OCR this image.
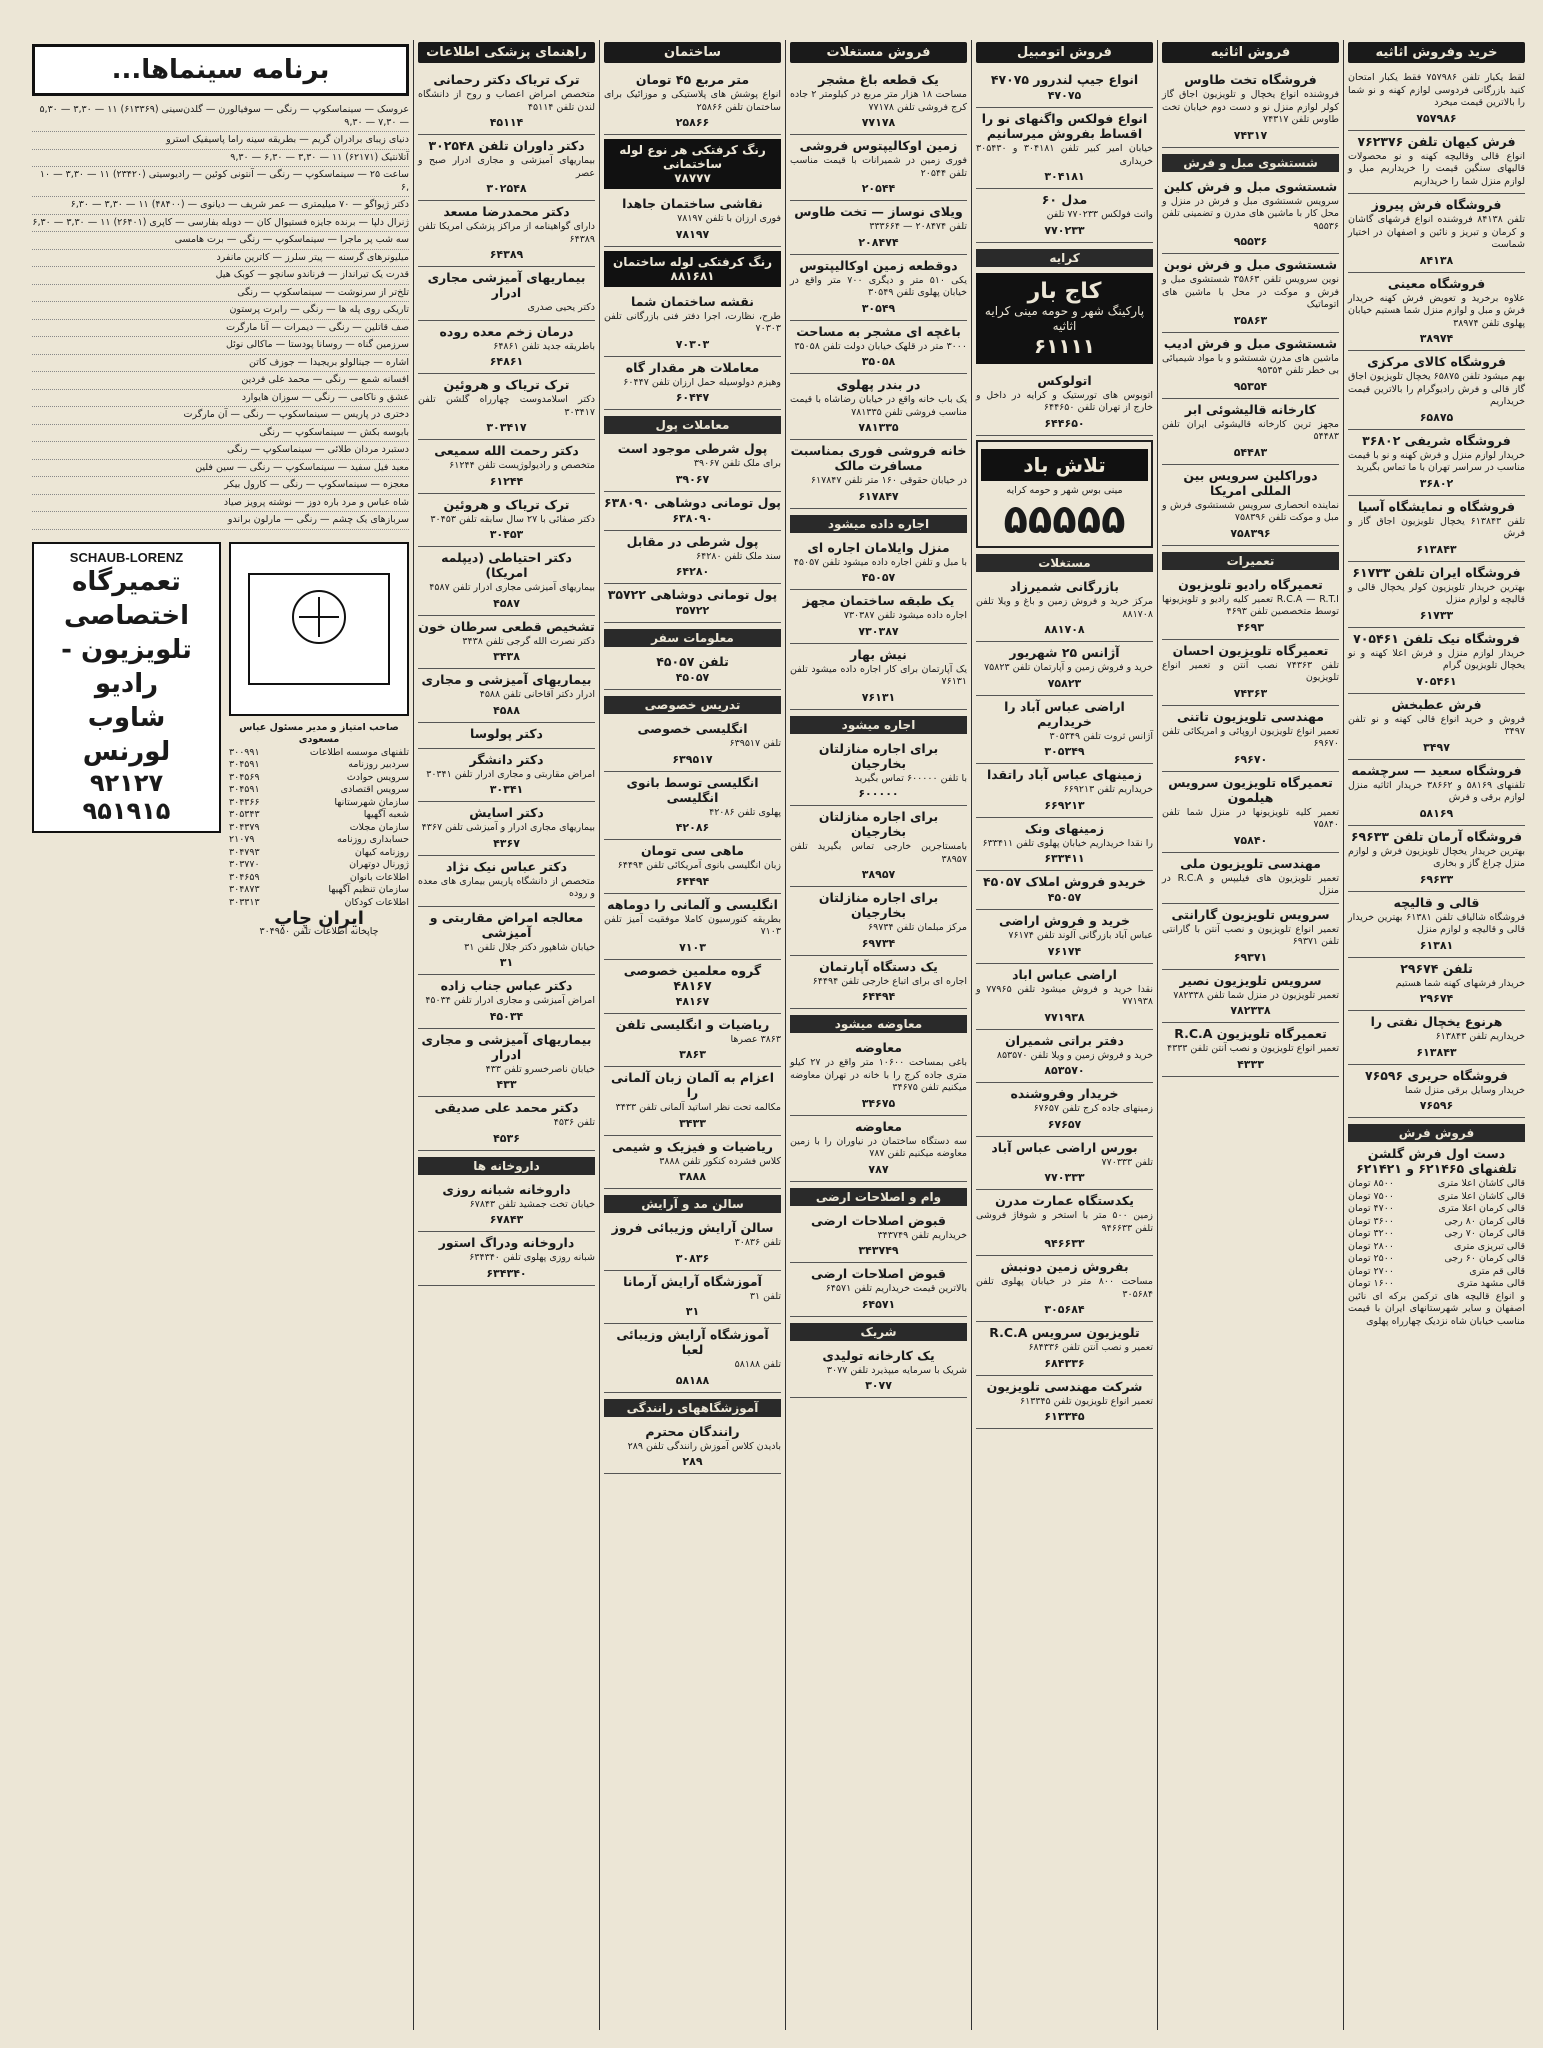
خرید وفروش اثاثیه
لقط یکبار تلفن ۷۵۷۹۸۶ فقط یکبار امتحان کنید بازرگانی فردوسی لوازم کهنه و نو شما را بالاترین قیمت میخرد
۷۵۷۹۸۶
فرش کیهان تلفن ۷۶۲۳۷۶
انواع قالی وقالیچه کهنه و نو محصولات قالیهای سنگین قیمت را خریداریم مبل و لوازم منزل شما را خریداریم
فروشگاه فرش پیروز
تلفن ۸۴۱۳۸ فروشنده انواع فرشهای گاشان و کرمان و تبریز و نائین و اصفهان در اختیار شماست
۸۴۱۳۸
فروشگاه معینی
علاوه برخرید و تعویض فرش کهنه خریدار فرش و مبل و لوازم منزل شما هستیم خیابان پهلوی تلفن ۳۸۹۷۴
۳۸۹۷۴
فروشگاه کالای مرکزی
بهم میشود تلفن ۶۵۸۷۵ یخچال تلویزیون اجاق گاز قالی و فرش رادیوگرام را بالاترین قیمت خریداریم
۶۵۸۷۵
فروشگاه شریفی ۳۶۸۰۲
خریدار لوازم منزل و فرش کهنه و نو با قیمت مناسب در سراسر تهران با ما تماس بگیرید
۳۶۸۰۲
فروشگاه و نمایشگاه آسیا
تلفن ۶۱۳۸۴۳ یخچال تلویزیون اجاق گاز و فرش
۶۱۳۸۴۳
فروشگاه ایران تلفن ۶۱۷۳۳
بهترین خریدار تلویزیون کولر یخچال قالی و قالیچه و لوازم منزل
۶۱۷۳۳
فروشگاه نیک تلفن ۷۰۵۴۶۱
خریدار لوازم منزل و فرش اعلا کهنه و نو یخچال تلویزیون گرام
۷۰۵۴۶۱
فرش عطبخش
فروش و خرید انواع قالی کهنه و نو تلفن ۳۴۹۷
۳۴۹۷
فروشگاه سعید — سرچشمه
تلفنهای ۵۸۱۶۹ و ۳۸۶۶۲ خریدار اثاثیه منزل لوازم برقی و فرش
۵۸۱۶۹
فروشگاه آرمان تلفن ۶۹۶۳۳
بهترین خریدار یخچال تلویزیون فرش و لوازم منزل چراغ گاز و بخاری
۶۹۶۳۳
قالی و قالیچه
فروشگاه شالیاف تلفن ۶۱۳۸۱ بهترین خریدار قالی و قالیچه و لوازم منزل
۶۱۳۸۱
تلفن ۲۹۶۷۴
خریدار فرشهای کهنه شما هستیم
۲۹۶۷۴
هرنوع یخچال نفتی را
خریداریم تلفن ۶۱۳۸۴۳
۶۱۳۸۴۳
فروشگاه حریری ۷۶۵۹۶
خریدار وسایل برقی منزل شما
۷۶۵۹۶
فروش فرش
دست اول فرش گلشن تلفنهای ۶۲۱۴۶۵ و ۶۲۱۴۲۱
قالی کاشان اعلا متری
۸۵۰۰ تومان
قالی کاشان اعلا متری
۷۵۰۰ تومان
قالی کرمان اعلا متری
۴۷۰۰ تومان
قالی کرمان ۸۰ رجی
۳۶۰۰ تومان
قالی کرمان ۷۰ رجی
۳۲۰۰ تومان
قالی تبریزی متری
۲۸۰۰ تومان
قالی کرمان ۶۰ رجی
۲۵۰۰ تومان
قالی قم متری
۲۷۰۰ تومان
قالی مشهد متری
۱۶۰۰ تومان
و انواع قالیچه های ترکمن برکه ای نائین اصفهان و سایر شهرستانهای ایران با قیمت مناسب خیابان شاه نزدیک چهارراه پهلوی
فروش اثاثیه
فروشگاه تخت طاوس
فروشنده انواع یخچال و تلویزیون اجاق گاز کولر لوازم منزل نو و دست دوم خیابان تخت طاوس تلفن ۷۴۳۱۷
۷۴۳۱۷
شستشوی مبل و فرش
شستشوی مبل و فرش کلین
سرویس شستشوی مبل و فرش در منزل و محل کار با ماشین های مدرن و تضمینی تلفن ۹۵۵۳۶
۹۵۵۳۶
شستشوی مبل و فرش نوبن
نوین سرویس تلفن ۳۵۸۶۳ شستشوی مبل و فرش و موکت در محل با ماشین های اتوماتیک
۳۵۸۶۳
شستشوی مبل و فرش ادیب
ماشین های مدرن شستشو و با مواد شیمیائی بی خطر تلفن ۹۵۳۵۴
۹۵۳۵۴
کارخانه قالیشوئی ابر
مجهز ترین کارخانه قالیشوئی ایران تلفن ۵۴۴۸۳
۵۴۴۸۳
دوراکلین سرویس بین المللی امریکا
نماینده انحصاری سرویس شستشوی فرش و مبل و موکت تلفن ۷۵۸۳۹۶
۷۵۸۳۹۶
تعمیرات
تعمیرگاه رادیو تلویزیون
R.C.A — R.T.I تعمیر کلیه رادیو و تلویزیونها توسط متخصصین تلفن ۴۶۹۳
۴۶۹۳
تعمیرگاه تلویزیون احسان
تلفن ۷۴۳۶۳ نصب آنتن و تعمیر انواع تلویزیون
۷۴۳۶۳
مهندسی تلویزیون تاتنی
تعمیر انواع تلویزیون اروپائی و امریکائی تلفن ۶۹۶۷۰
۶۹۶۷۰
تعمیرگاه تلویزیون سرویس هیلمون
تعمیر کلیه تلویزیونها در منزل شما تلفن ۷۵۸۴۰
۷۵۸۴۰
مهندسی تلویزیون ملی
تعمیر تلویزیون های فیلیپس و R.C.A در منزل
سرویس تلویزیون گارانتی
تعمیر انواع تلویزیون و نصب آنتن با گارانتی تلفن ۶۹۳۷۱
۶۹۳۷۱
سرویس تلویزیون نصیر
تعمیر تلویزیون در منزل شما تلفن ۷۸۲۳۳۸
۷۸۲۳۳۸
تعمیرگاه تلویزیون R.C.A
تعمیر انواع تلویزیون و نصب آنتن تلفن ۴۳۳۳
۴۳۳۳
فروش اتومبیل
انواع جیپ لندرور ۴۷۰۷۵
۴۷۰۷۵
انواع فولکس واگنهای نو را اقساط بفروش میرسانیم
خیابان امیر کبیر تلفن ۳۰۴۱۸۱ و ۳۰۵۴۳۰ خریداری
۳۰۴۱۸۱
مدل ۶۰
وانت فولکس ۷۷۰۲۳۳ تلفن
۷۷۰۲۳۳
کرایه
کاج بار
پارکینگ شهر و حومه مینی کرایه اثاثیه
۶۱۱۱۱
اتولوکس
اتوبوس های تورستیک و کرایه در داخل و خارج از تهران تلفن ۶۴۴۶۵۰
۶۴۴۶۵۰
تلاش باد
مینی بوس شهر و حومه کرایه
۵۵۵۵۵
مستغلات
بازرگانی شمیرزاد
مرکز خرید و فروش زمین و باغ و ویلا تلفن ۸۸۱۷۰۸
۸۸۱۷۰۸
آژانس ۲۵ شهریور
خرید و فروش زمین و آپارتمان تلفن ۷۵۸۲۳
۷۵۸۲۳
اراضی عباس آباد را خریداریم
آژانس ثروت تلفن ۳۰۵۳۴۹
۳۰۵۳۴۹
زمینهای عباس آباد راتقدا
خریداریم تلفن ۶۶۹۲۱۳
۶۶۹۲۱۳
زمینهای ونک
را نقدا خریداریم خیابان پهلوی تلفن ۶۳۳۴۱۱
۶۳۳۴۱۱
خریدو فروش املاک ۴۵۰۵۷
۴۵۰۵۷
خرید و فروش اراضی
عباس آباد بازرگانی آلوند تلفن ۷۶۱۷۴
۷۶۱۷۴
اراضی عباس اباد
نقدا خرید و فروش میشود تلفن ۷۷۹۶۵ و ۷۷۱۹۳۸
۷۷۱۹۳۸
دفتر براتی شمیران
خرید و فروش زمین و ویلا تلفن ۸۵۳۵۷۰
۸۵۳۵۷۰
خریدار وفروشنده
زمینهای جاده کرج تلفن ۶۷۶۵۷
۶۷۶۵۷
بورس اراضی عباس آباد
تلفن ۷۷۰۳۳۳
۷۷۰۳۳۳
یکدستگاه عمارت مدرن
زمین ۵۰۰ متر با استخر و شوفاژ فروشی تلفن ۹۴۶۶۳۳
۹۴۶۶۳۳
بفروش زمین دونبش
مساحت ۸۰۰ متر در خیابان پهلوی تلفن ۳۰۵۶۸۴
۳۰۵۶۸۴
تلویزیون سرویس R.C.A
تعمیر و نصب آنتن تلفن ۶۸۴۳۳۶
۶۸۴۳۳۶
شرکت مهندسی تلویزیون
تعمیر انواع تلویزیون تلفن ۶۱۳۳۴۵
۶۱۳۳۴۵
فروش مستغلات
یک قطعه باغ مشجر
مساحت ۱۸ هزار متر مربع در کیلومتر ۲ جاده کرج فروشی تلفن ۷۷۱۷۸
۷۷۱۷۸
زمین اوکالیپتوس فروشی
فوری زمین در شمیرانات با قیمت مناسب تلفن ۲۰۵۴۴
۲۰۵۴۴
ویلای نوساز — تخت طاوس
تلفن ۲۰۸۴۷۴ — ۳۳۳۶۶۴
۲۰۸۴۷۴
دوقطعه زمین اوکالیپتوس
یکی ۵۱۰ متر و دیگری ۷۰۰ متر واقع در خیابان پهلوی تلفن ۳۰۵۴۹
۳۰۵۴۹
باغچه ای مشجر به مساحت
۳۰۰۰ متر در قلهک خیابان دولت تلفن ۳۵۰۵۸
۳۵۰۵۸
در بندر پهلوی
یک باب خانه واقع در خیابان رضاشاه با قیمت مناسب فروشی تلفن ۷۸۱۳۳۵
۷۸۱۳۳۵
خانه فروشی فوری بمناسبت مسافرت مالک
در خیابان حقوقی ۱۶۰ متر تلفن ۶۱۷۸۴۷
۶۱۷۸۴۷
اجاره داده میشود
منزل وایلامان اجاره ای
با مبل و تلفن اجاره داده میشود تلفن ۴۵۰۵۷
۴۵۰۵۷
یک طبقه ساختمان مجهز
اجاره داده میشود تلفن ۷۳۰۳۸۷
۷۳۰۳۸۷
نیش بهار
یک آپارتمان برای کار اجاره داده میشود تلفن ۷۶۱۳۱
۷۶۱۳۱
اجاره میشود
برای اجاره منازلتان بخارجیان
با تلفن ۶۰۰۰۰۰ تماس بگیرید
۶۰۰۰۰۰
برای اجاره منازلتان بخارجیان
بامستاجرین خارجی تماس بگیرید تلفن ۳۸۹۵۷
۳۸۹۵۷
برای اجاره منازلتان بخارجیان
مرکز مبلمان تلفن ۶۹۷۳۴
۶۹۷۳۴
یک دستگاه آپارتمان
اجاره ای برای اتباع خارجی تلفن ۶۴۴۹۴
۶۴۴۹۴
معاوضه میشود
معاوضه
باغی بمساحت ۱۰۶۰۰ متر واقع در ۲۷ کیلو متری جاده کرج را با خانه در تهران معاوضه میکنیم تلفن ۳۴۶۷۵
۳۴۶۷۵
معاوضه
سه دستگاه ساختمان در نیاوران را با زمین معاوضه میکنیم تلفن ۷۸۷
۷۸۷
وام و اصلاحات ارضی
قبوض اصلاحات ارضی
خریداریم تلفن ۳۴۳۷۴۹
۳۴۳۷۴۹
قبوض اصلاحات ارضی
بالاترین قیمت خریداریم تلفن ۶۴۵۷۱
۶۴۵۷۱
شریک
یک کارخانه تولیدی
شریک با سرمایه میپذیرد تلفن ۳۰۷۷
۳۰۷۷
ساختمان
متر مربع ۴۵ تومان
انواع پوشش های پلاستیکی و موزائیک برای ساختمان تلفن ۲۵۸۶۶
۲۵۸۶۶
رنگ کرفتکی هر نوع لوله ساختمانی
۷۸۷۷۷
نقاشی ساختمان جاهدا
فوری ارزان با تلفن ۷۸۱۹۷
۷۸۱۹۷
رنگ کرفتکی لوله ساختمان
۸۸۱۶۸۱
نقشه ساختمان شما
طرح، نظارت، اجرا دفتر فنی بازرگانی تلفن ۷۰۳۰۳
۷۰۳۰۳
معاملات هر مقدار گاه
وهیزم دولوسیله حمل ارزان تلفن ۶۰۴۴۷
۶۰۴۴۷
معاملات پول
پول شرطی موجود است
برای ملک تلفن ۳۹۰۶۷
۳۹۰۶۷
پول تومانی دوشاهی ۶۳۸۰۹۰
۶۳۸۰۹۰
پول شرطی در مقابل
سند ملک تلفن ۶۴۲۸۰
۶۴۲۸۰
پول تومانی دوشاهی ۳۵۷۲۲
۳۵۷۲۲
معلومات سفر
تلفن ۴۵۰۵۷
۴۵۰۵۷
تدریس خصوصی
انگلیسی خصوصی
تلفن ۶۳۹۵۱۷
۶۳۹۵۱۷
انگلیسی توسط بانوی انگلیسی
پهلوی تلفن ۴۲۰۸۶
۴۲۰۸۶
ماهی سی تومان
زبان انگلیسی بانوی آمریکائی تلفن ۶۴۴۹۴
۶۴۴۹۴
انگلیسی و آلمانی را دوماهه
بطریقه کنورسیون کاملا موفقیت آمیز تلفن ۷۱۰۳
۷۱۰۳
گروه معلمین خصوصی ۴۸۱۶۷
۴۸۱۶۷
ریاضیات و انگلیسی تلفن
۳۸۶۳ عصرها
۳۸۶۳
اعزام به آلمان زبان آلمانی را
مکالمه تحت نظر اساتید آلمانی تلفن ۳۴۳۳
۳۴۳۳
ریاضیات و فیزیک و شیمی
کلاس فشرده کنکور تلفن ۳۸۸۸
۳۸۸۸
سالن مد و آرایش
سالن آرایش وزیبائی فروز
تلفن ۳۰۸۳۶
۳۰۸۳۶
آموزشگاه آرایش آرمانا
تلفن ۳۱
۳۱
آموزشگاه آرایش وزیبائی لعبا
تلفن ۵۸۱۸۸
۵۸۱۸۸
آموزشگاههای رانندگی
رانندگان محترم
بادیدن کلاس آموزش رانندگی تلفن ۲۸۹
۲۸۹
راهنمای پزشکی اطلاعات
ترک تریاک دکتر رحمانی
متخصص امراض اعصاب و روح از دانشگاه لندن تلفن ۴۵۱۱۴
۴۵۱۱۴
دکتر داوران تلفن ۳۰۲۵۴۸
بیماریهای آمیزشی و مجاری ادرار صبح و عصر
۳۰۲۵۴۸
دکتر محمدرضا مسعد
دارای گواهینامه از مراکز پزشکی امریکا تلفن ۶۴۳۸۹
۶۴۳۸۹
بیماریهای آمیزشی مجاری ادرار
دکتر یحیی صدری
درمان زخم معده روده
باطریقه جدید تلفن ۶۴۸۶۱
۶۴۸۶۱
ترک تریاک و هروئین
دکتر اسلامدوست چهارراه گلشن تلفن ۳۰۳۴۱۷
۳۰۳۴۱۷
دکتر رحمت الله سمیعی
متخصص و رادیولوژیست تلفن ۶۱۲۴۴
۶۱۲۴۴
ترک تریاک و هروئین
دکتر صفائی با ۲۷ سال سابقه تلفن ۳۰۴۵۳
۳۰۴۵۳
دکتر احتیاطی (دیپلمه امریکا)
بیماریهای آمیزشی مجاری ادرار تلفن ۴۵۸۷
۴۵۸۷
تشخیص قطعی سرطان خون
دکتر نصرت الله گرجی تلفن ۳۴۳۸
۳۴۳۸
بیماریهای آمیزشی و مجاری
ادرار دکتر آقاخانی تلفن ۴۵۸۸
۴۵۸۸
دکتر پولوسا
دکتر دانشگر
امراض مقاربتی و مجاری ادرار تلفن ۳۰۳۴۱
۳۰۳۴۱
دکتر اسایش
بیماریهای مجاری ادرار و آمیزشی تلفن ۴۳۶۷
۴۳۶۷
دکتر عباس نیک نژاد
متخصص از دانشگاه پاریس بیماری های معده و روده
معالجه امراض مقاربتی و آمیزشی
خیابان شاهپور دکتر جلال تلفن ۳۱
۳۱
دکتر عباس جناب زاده
امراض آمیزشی و مجاری ادرار تلفن ۴۵۰۳۴
۴۵۰۳۴
بیماریهای آمیزشی و مجاری ادرار
خیابان ناصرخسرو تلفن ۴۳۳
۴۳۳
دکتر محمد علی صدیقی
تلفن ۴۵۳۶
۴۵۳۶
داروخانه ها
داروخانه شبانه روزی
خیابان تخت جمشید تلفن ۶۷۸۴۳
۶۷۸۴۳
داروخانه ودراگ استور
شبانه روزی پهلوی تلفن ۶۳۴۳۴۰
۶۳۴۳۴۰
برنامه سینماها...
عروسک — سینماسکوپ — رنگی — سوفیالورن — گلدن‌سینی (۶۱۳۳۶۹) ۱۱ — ۳۰‚۳ — ۳۰‚۵ — ۳۰‚۷ — ۳۰‚۹
دنیای زیبای برادران گریم — بطریقه سینه راما پاسیفیک استرو
آتلانتیک (۶۲۱۷۱) ۱۱ — ۳۰‚۳ — ۳۰‚۶ — ۳۰‚۹
ساعت ۲۵ — سینماسکوپ — رنگی — آنتونی کوئین — رادیوسیتی (۲۳۴۲۰) ۱۱ — ۳۰‚۳ — ۱۰ ‚۶
دکتر ژیواگو — ۷۰ میلیمتری — عمر شریف — دیانوی — (۴۸۴۰۰) ۱۱ — ۳۰‚۳ — ۳۰‚۶
ژنرال دلپا — برنده جایزه فستیوال کان — دوبله بفارسی — کاپری (۲۶۴۰۱) ۱۱ — ۳۰‚۳ — ۳۰‚۶
سه شب پر ماجرا — سینماسکوپ — رنگی — برت هامسی
میلیونرهای گرسنه — پیتر سلرز — کاترین مانفرد
قدرت یک تیرانداز — فرناندو سانچو — کوبک هیل
تلخ‌تر از سرنوشت — سینماسکوپ — رنگی
تاریکی روی پله ها — رنگی — رابرت پرستون
صف قاتلین — رنگی — دیمرات — آنا مارگرت
سرزمین گناه — روسانا پودستا — ماکالی نوئل
اشاره — جینالولو بریجیدا — جوزف کاتن
افسانه شمع — رنگی — محمد علی فردین
عشق و ناکامی — رنگی — سوزان هایوارد
دختری در پاریس — سینماسکوپ — رنگی — آن مارگرت
بابوسه بکش — سینماسکوپ — رنگی
دستبرد مردان طلائی — سینماسکوپ — رنگی
معبد فیل سفید — سینماسکوپ — رنگی — سین فلین
معجزه — سینماسکوپ — رنگی — کارول بیکر
شاه عباس و مرد باره دوز — نوشته پرویز صیاد
سربازهای یک چشم — رنگی — مارلون براندو
صاحب امتیاز و مدیر مسئول عباس مسعودی
تلفنهای موسسه اطلاعات
۳۰۰۹۹۱
سردبیر روزنامه
۳۰۴۵۹۱
سرویس حوادث
۳۰۴۵۶۹
سرویس اقتصادی
۳۰۴۵۹۱
سازمان شهرستانها
۳۰۴۳۶۶
شعبه آگهیها
۳۰۵۳۴۳
سازمان مجلات
۳۰۴۳۷۹
حسابداری روزنامه
۲۱۰۷۹
روزنامه کیهان
۳۰۴۷۹۳
ژورنال دوتهران
۳۰۳۷۷۰
اطلاعات بانوان
۳۰۴۶۵۹
سازمان تنظیم آگهیها
۳۰۴۸۷۳
اطلاعات کودکان
۳۰۳۳۱۳
ایران چاپ
چاپخانه اطلاعات تلفن ۳۰۴۹۵۰
SCHAUB-LORENZ
تعمیرگاه اختصاصی
تلویزیون - رادیو
شاوب لورنس
۹۲۱۲۷
۹۵۱۹۱۵
